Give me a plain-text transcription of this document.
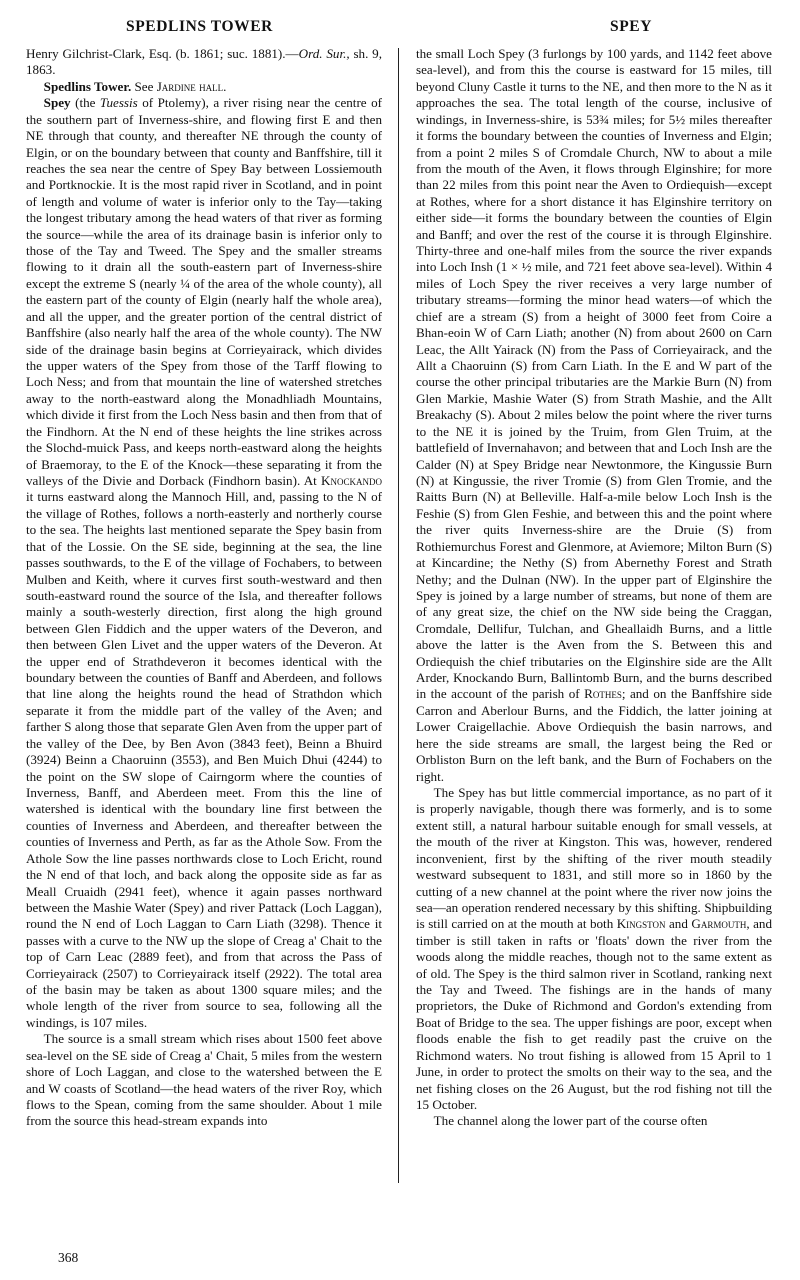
SPEDLINS TOWER	SPEY

Henry Gilchrist-Clark, Esq. (b. 1861; suc. 1881).—Ord. Sur., sh. 9, 1863.

Spedlins Tower. See Jardine hall.

Spey (the Tuessis of Ptolemy), a river rising near the centre of the southern part of Inverness-shire, and flowing first E and then NE through that county, and thereafter NE through the county of Elgin, or on the boundary between that county and Banffshire, till it reaches the sea near the centre of Spey Bay between Lossiemouth and Portknockie. It is the most rapid river in Scotland, and in point of length and volume of water is inferior only to the Tay—taking the longest tributary among the head waters of that river as forming the source—while the area of its drainage basin is inferior only to those of the Tay and Tweed. The Spey and the smaller streams flowing to it drain all the south-eastern part of Inverness-shire except the extreme S (nearly ¼ of the area of the whole county), all the eastern part of the county of Elgin (nearly half the whole area), and all the upper, and the greater portion of the central district of Banffshire (also nearly half the area of the whole county). The NW side of the drainage basin begins at Corrieyairack, which divides the upper waters of the Spey from those of the Tarff flowing to Loch Ness; and from that mountain the line of watershed stretches away to the north-eastward along the Monadhliadh Mountains, which divide it first from the Loch Ness basin and then from that of the Findhorn. At the N end of these heights the line strikes across the Slochd-muick Pass, and keeps north-eastward along the heights of Braemoray, to the E of the Knock—these separating it from the valleys of the Divie and Dorback (Findhorn basin). At Knockando it turns eastward along the Mannoch Hill, and, passing to the N of the village of Rothes, follows a north-easterly and northerly course to the sea. The heights last mentioned separate the Spey basin from that of the Lossie. On the SE side, beginning at the sea, the line passes southwards, to the E of the village of Fochabers, to between Mulben and Keith, where it curves first south-westward and then south-eastward round the source of the Isla, and thereafter follows mainly a south-westerly direction, first along the high ground between Glen Fiddich and the upper waters of the Deveron, and then between Glen Livet and the upper waters of the Deveron. At the upper end of Strathdeveron it becomes identical with the boundary between the counties of Banff and Aberdeen, and follows that line along the heights round the head of Strathdon which separate it from the middle part of the valley of the Aven; and farther S along those that separate Glen Aven from the upper part of the valley of the Dee, by Ben Avon (3843 feet), Beinn a Bhuird (3924) Beinn a Chaoruinn (3553), and Ben Muich Dhui (4244) to the point on the SW slope of Cairngorm where the counties of Inverness, Banff, and Aberdeen meet. From this the line of watershed is identical with the boundary line first between the counties of Inverness and Aberdeen, and thereafter between the counties of Inverness and Perth, as far as the Athole Sow. From the Athole Sow the line passes northwards close to Loch Ericht, round the N end of that loch, and back along the opposite side as far as Meall Cruaidh (2941 feet), whence it again passes northward between the Mashie Water (Spey) and river Pattack (Loch Laggan), round the N end of Loch Laggan to Carn Liath (3298). Thence it passes with a curve to the NW up the slope of Creag a' Chait to the top of Carn Leac (2889 feet), and from that across the Pass of Corrieyairack (2507) to Corrieyairack itself (2922). The total area of the basin may be taken as about 1300 square miles; and the whole length of the river from source to sea, following all the windings, is 107 miles.

The source is a small stream which rises about 1500 feet above sea-level on the SE side of Creag a' Chait, 5 miles from the western shore of Loch Laggan, and close to the watershed between the E and W coasts of Scotland—the head waters of the river Roy, which flows to the Spean, coming from the same shoulder. About 1 mile from the source this head-stream expands into

the small Loch Spey (3 furlongs by 100 yards, and 1142 feet above sea-level), and from this the course is eastward for 15 miles, till beyond Cluny Castle it turns to the NE, and then more to the N as it approaches the sea. The total length of the course, inclusive of windings, in Inverness-shire, is 53¾ miles; for 5½ miles thereafter it forms the boundary between the counties of Inverness and Elgin; from a point 2 miles S of Cromdale Church, NW to about a mile from the mouth of the Aven, it flows through Elginshire; for more than 22 miles from this point near the Aven to Ordiequish—except at Rothes, where for a short distance it has Elginshire territory on either side—it forms the boundary between the counties of Elgin and Banff; and over the rest of the course it is through Elginshire. Thirty-three and one-half miles from the source the river expands into Loch Insh (1 × ½ mile, and 721 feet above sea-level). Within 4 miles of Loch Spey the river receives a very large number of tributary streams—forming the minor head waters—of which the chief are a stream (S) from a height of 3000 feet from Coire a Bhan-eoin W of Carn Liath; another (N) from about 2600 on Carn Leac, the Allt Yairack (N) from the Pass of Corrieyairack, and the Allt a Chaoruinn (S) from Carn Liath. In the E and W part of the course the other principal tributaries are the Markie Burn (N) from Glen Markie, Mashie Water (S) from Strath Mashie, and the Allt Breakachy (S). About 2 miles below the point where the river turns to the NE it is joined by the Truim, from Glen Truim, at the battlefield of Invernahavon; and between that and Loch Insh are the Calder (N) at Spey Bridge near Newtonmore, the Kingussie Burn (N) at Kingussie, the river Tromie (S) from Glen Tromie, and the Raitts Burn (N) at Belleville. Half-a-mile below Loch Insh is the Feshie (S) from Glen Feshie, and between this and the point where the river quits Inverness-shire are the Druie (S) from Rothiemurchus Forest and Glenmore, at Aviemore; Milton Burn (S) at Kincardine; the Nethy (S) from Abernethy Forest and Strath Nethy; and the Dulnan (NW). In the upper part of Elginshire the Spey is joined by a large number of streams, but none of them are of any great size, the chief on the NW side being the Craggan, Cromdale, Dellifur, Tulchan, and Gheallaidh Burns, and a little above the latter is the Aven from the S. Between this and Ordiequish the chief tributaries on the Elginshire side are the Allt Arder, Knockando Burn, Ballintomb Burn, and the burns described in the account of the parish of Rothes; and on the Banffshire side Carron and Aberlour Burns, and the Fiddich, the latter joining at Lower Craigellachie. Above Ordiequish the basin narrows, and here the side streams are small, the largest being the Red or Orbliston Burn on the left bank, and the Burn of Fochabers on the right.

The Spey has but little commercial importance, as no part of it is properly navigable, though there was formerly, and is to some extent still, a natural harbour suitable enough for small vessels, at the mouth of the river at Kingston. This was, however, rendered inconvenient, first by the shifting of the river mouth steadily westward subsequent to 1831, and still more so in 1860 by the cutting of a new channel at the point where the river now joins the sea—an operation rendered necessary by this shifting. Shipbuilding is still carried on at the mouth at both Kingston and Garmouth, and timber is still taken in rafts or 'floats' down the river from the woods along the middle reaches, though not to the same extent as of old. The Spey is the third salmon river in Scotland, ranking next the Tay and Tweed. The fishings are in the hands of many proprietors, the Duke of Richmond and Gordon's extending from Boat of Bridge to the sea. The upper fishings are poor, except when floods enable the fish to get readily past the cruive on the Richmond waters. No trout fishing is allowed from 15 April to 1 June, in order to protect the smolts on their way to the sea, and the net fishing closes on the 26 August, but the rod fishing not till the 15 October.

The channel along the lower part of the course often

368
